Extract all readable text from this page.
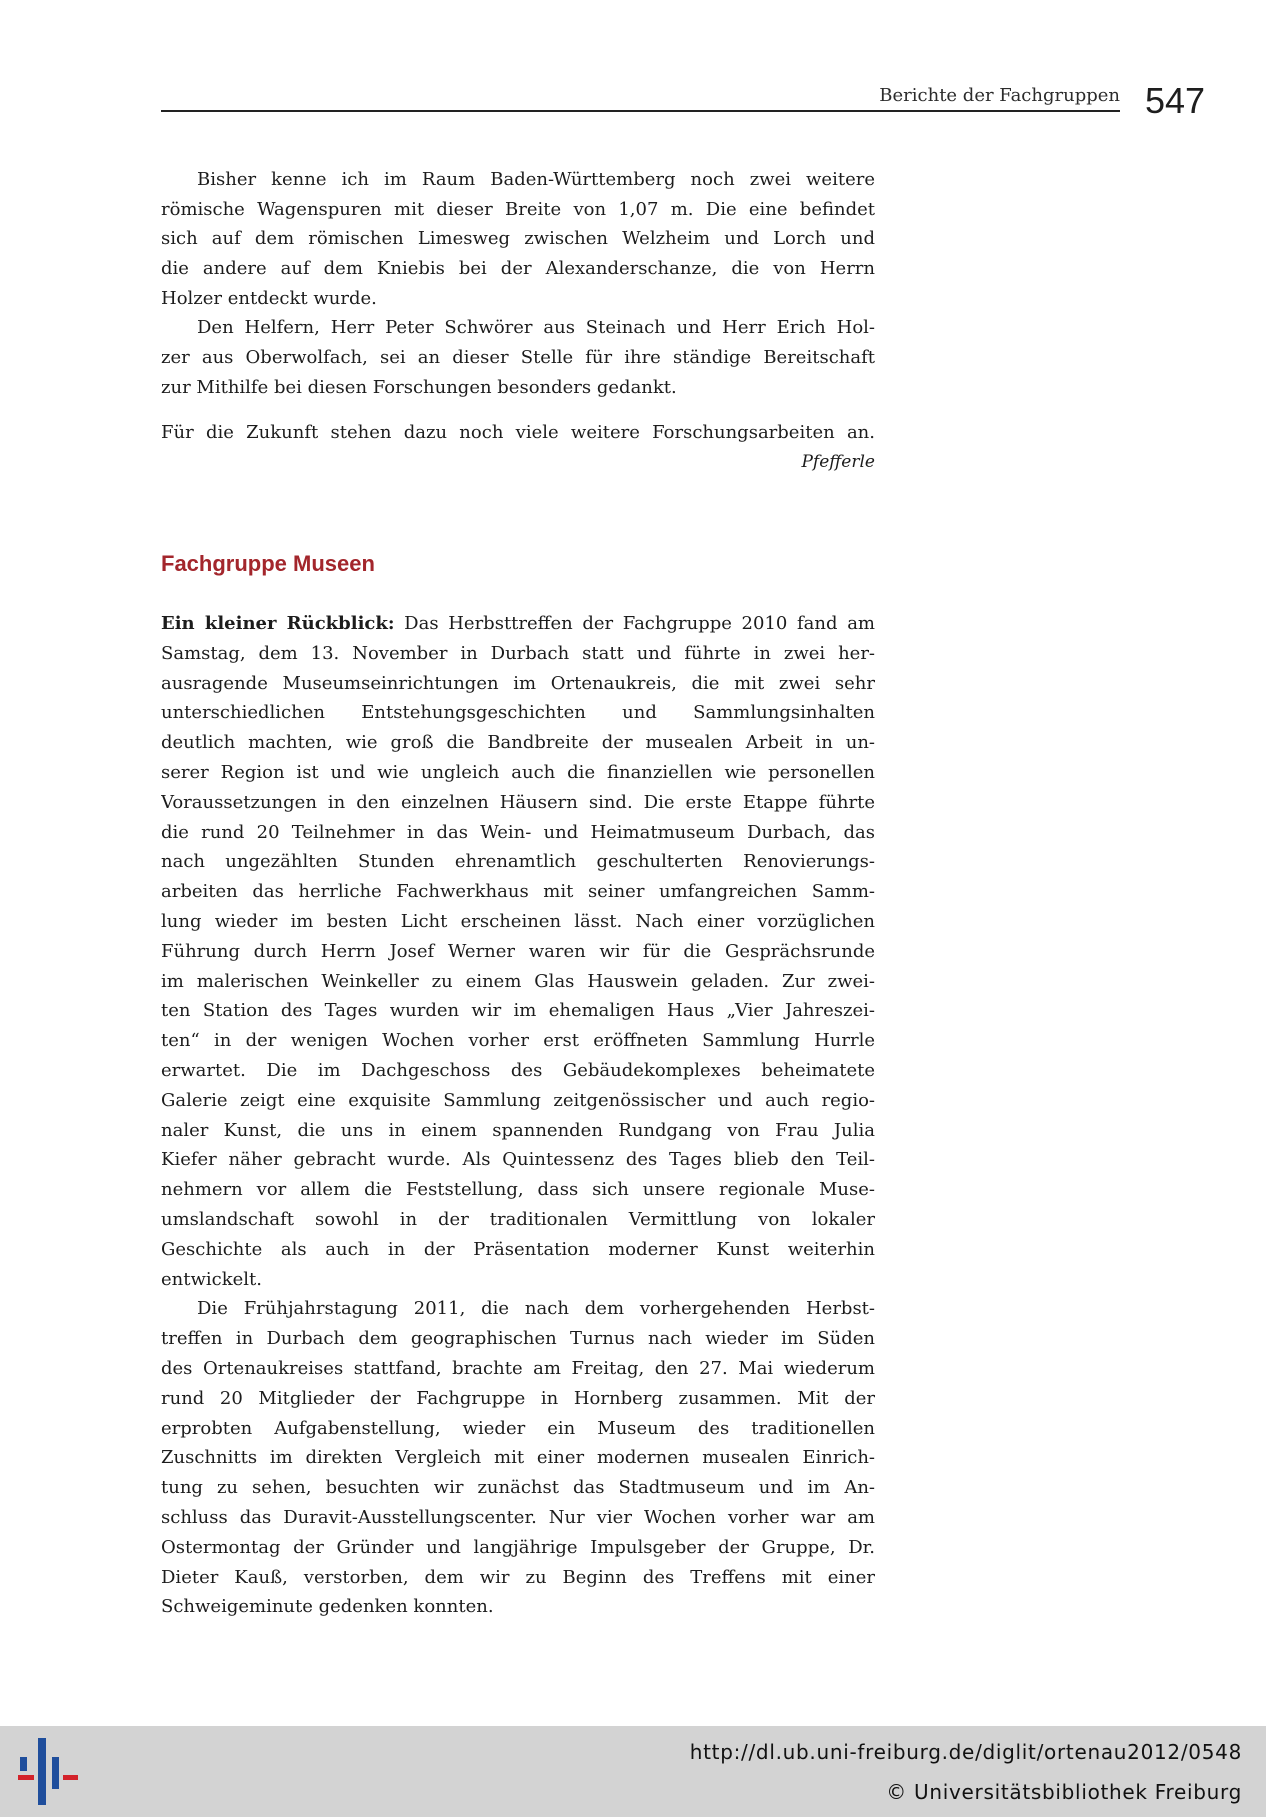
Berichte der Fachgruppen 547
Bisher kenne ich im Raum Baden-Württemberg noch zwei weitere
römische Wagenspuren mit dieser Breite von 1,07 m. Die eine befindet
sich auf dem römischen Limesweg zwischen Welzheim und Lorch und
die andere auf dem Kniebis bei der Alexanderschanze, die von Herrn
Holzer entdeckt wurde.
Den Helfern, Herr Peter Schwörer aus Steinach und Herr Erich Hol-
zer aus Oberwolfach, sei an dieser Stelle für ihre ständige Bereitschaft
zur Mithilfe bei diesen Forschungen besonders gedankt.
Für die Zukunft stehen dazu noch viele weitere Forschungsarbeiten an.
Pfefferle
Fachgruppe Museen
Ein kleiner Rückblick: Das Herbsttreffen der Fachgruppe 2010 fand am
Samstag, dem 13. November in Durbach statt und führte in zwei her-
ausragende Museumseinrichtungen im Ortenaukreis, die mit zwei sehr
unterschiedlichen Entstehungsgeschichten und Sammlungsinhalten
deutlich machten, wie groß die Bandbreite der musealen Arbeit in un-
serer Region ist und wie ungleich auch die finanziellen wie personellen
Voraussetzungen in den einzelnen Häusern sind. Die erste Etappe führte
die rund 20 Teilnehmer in das Wein- und Heimatmuseum Durbach, das
nach ungezählten Stunden ehrenamtlich geschulterten Renovierungs-
arbeiten das herrliche Fachwerkhaus mit seiner umfangreichen Samm-
lung wieder im besten Licht erscheinen lässt. Nach einer vorzüglichen
Führung durch Herrn Josef Werner waren wir für die Gesprächsrunde
im malerischen Weinkeller zu einem Glas Hauswein geladen. Zur zwei-
ten Station des Tages wurden wir im ehemaligen Haus „Vier Jahreszei-
ten“ in der wenigen Wochen vorher erst eröffneten Sammlung Hurrle
erwartet. Die im Dachgeschoss des Gebäudekomplexes beheimatete
Galerie zeigt eine exquisite Sammlung zeitgenössischer und auch regio-
naler Kunst, die uns in einem spannenden Rundgang von Frau Julia
Kiefer näher gebracht wurde. Als Quintessenz des Tages blieb den Teil-
nehmern vor allem die Feststellung, dass sich unsere regionale Muse-
umslandschaft sowohl in der traditionalen Vermittlung von lokaler
Geschichte als auch in der Präsentation moderner Kunst weiterhin
entwickelt.
Die Frühjahrstagung 2011, die nach dem vorhergehenden Herbst-
treffen in Durbach dem geographischen Turnus nach wieder im Süden
des Ortenaukreises stattfand, brachte am Freitag, den 27. Mai wiederum
rund 20 Mitglieder der Fachgruppe in Hornberg zusammen. Mit der
erprobten Aufgabenstellung, wieder ein Museum des traditionellen
Zuschnitts im direkten Vergleich mit einer modernen musealen Einrich-
tung zu sehen, besuchten wir zunächst das Stadtmuseum und im An-
schluss das Duravit-Ausstellungscenter. Nur vier Wochen vorher war am
Ostermontag der Gründer und langjährige Impulsgeber der Gruppe, Dr.
Dieter Kauß, verstorben, dem wir zu Beginn des Treffens mit einer
Schweigeminute gedenken konnten.
http://dl.ub.uni-freiburg.de/diglit/ortenau2012/0548
© Universitätsbibliothek Freiburg
